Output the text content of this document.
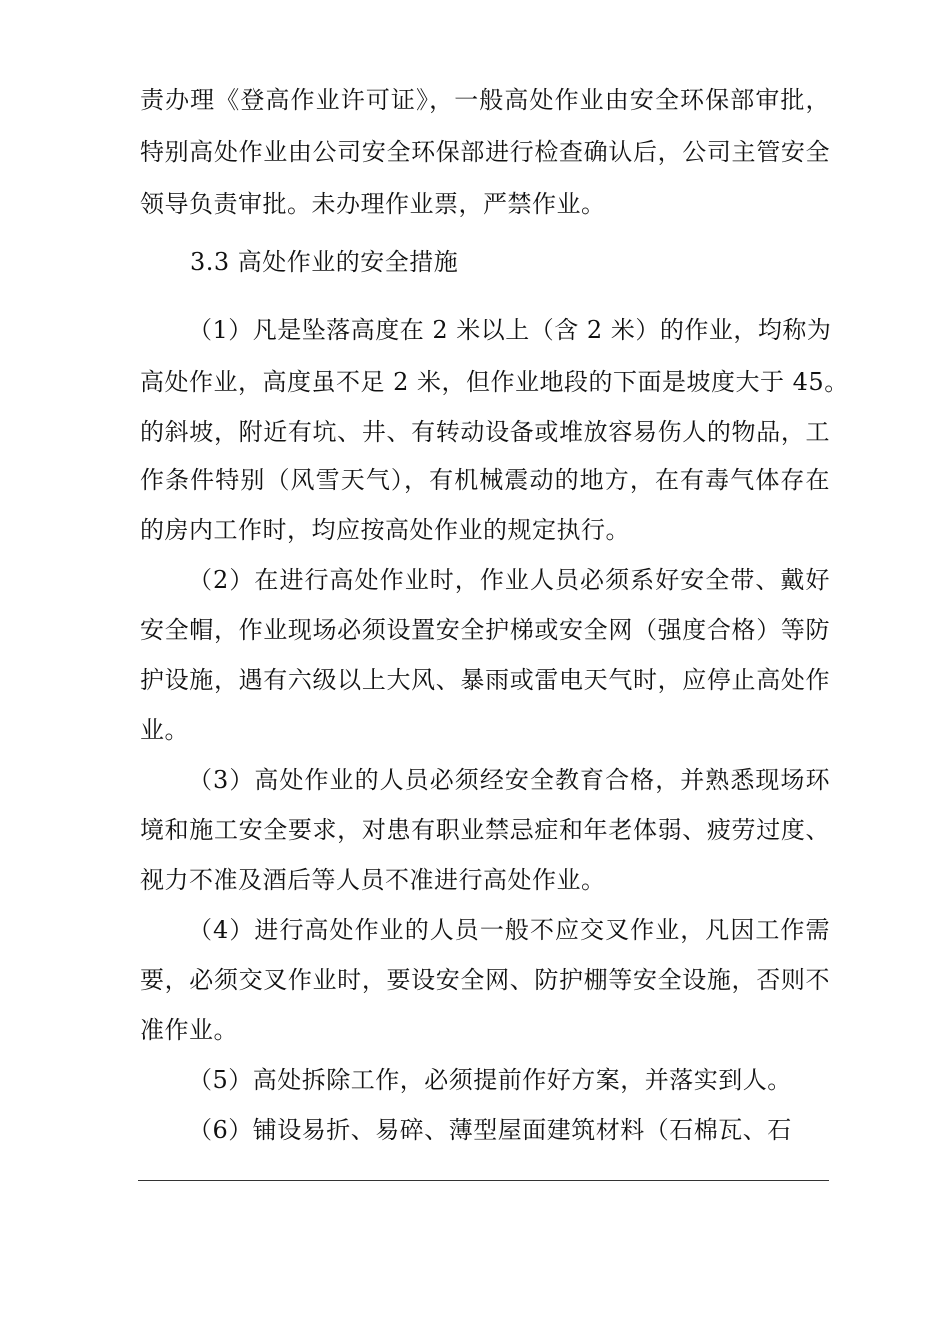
责办理《登高作业许可证》，一般高处作业由安全环保部审批，
特别高处作业由公司安全环保部进行检查确认后，公司主管安全
领导负责审批。未办理作业票，严禁作业。
3.3 高处作业的安全措施
（1）凡是坠落高度在 2 米以上（含 2 米）的作业，均称为
高处作业，高度虽不足 2 米，但作业地段的下面是坡度大于 45。
的斜坡，附近有坑、井、有转动设备或堆放容易伤人的物品，工
作条件特别（风雪天气），有机械震动的地方，在有毒气体存在
的房内工作时，均应按高处作业的规定执行。
（2）在进行高处作业时，作业人员必须系好安全带、戴好
安全帽，作业现场必须设置安全护梯或安全网（强度合格）等防
护设施，遇有六级以上大风、暴雨或雷电天气时，应停止高处作
业。
（3）高处作业的人员必须经安全教育合格，并熟悉现场环
境和施工安全要求，对患有职业禁忌症和年老体弱、疲劳过度、
视力不准及酒后等人员不准进行高处作业。
（4）进行高处作业的人员一般不应交叉作业，凡因工作需
要，必须交叉作业时，要设安全网、防护棚等安全设施，否则不
准作业。
（5）高处拆除工作，必须提前作好方案，并落实到人。
（6）铺设易折、易碎、薄型屋面建筑材料（石棉瓦、石
